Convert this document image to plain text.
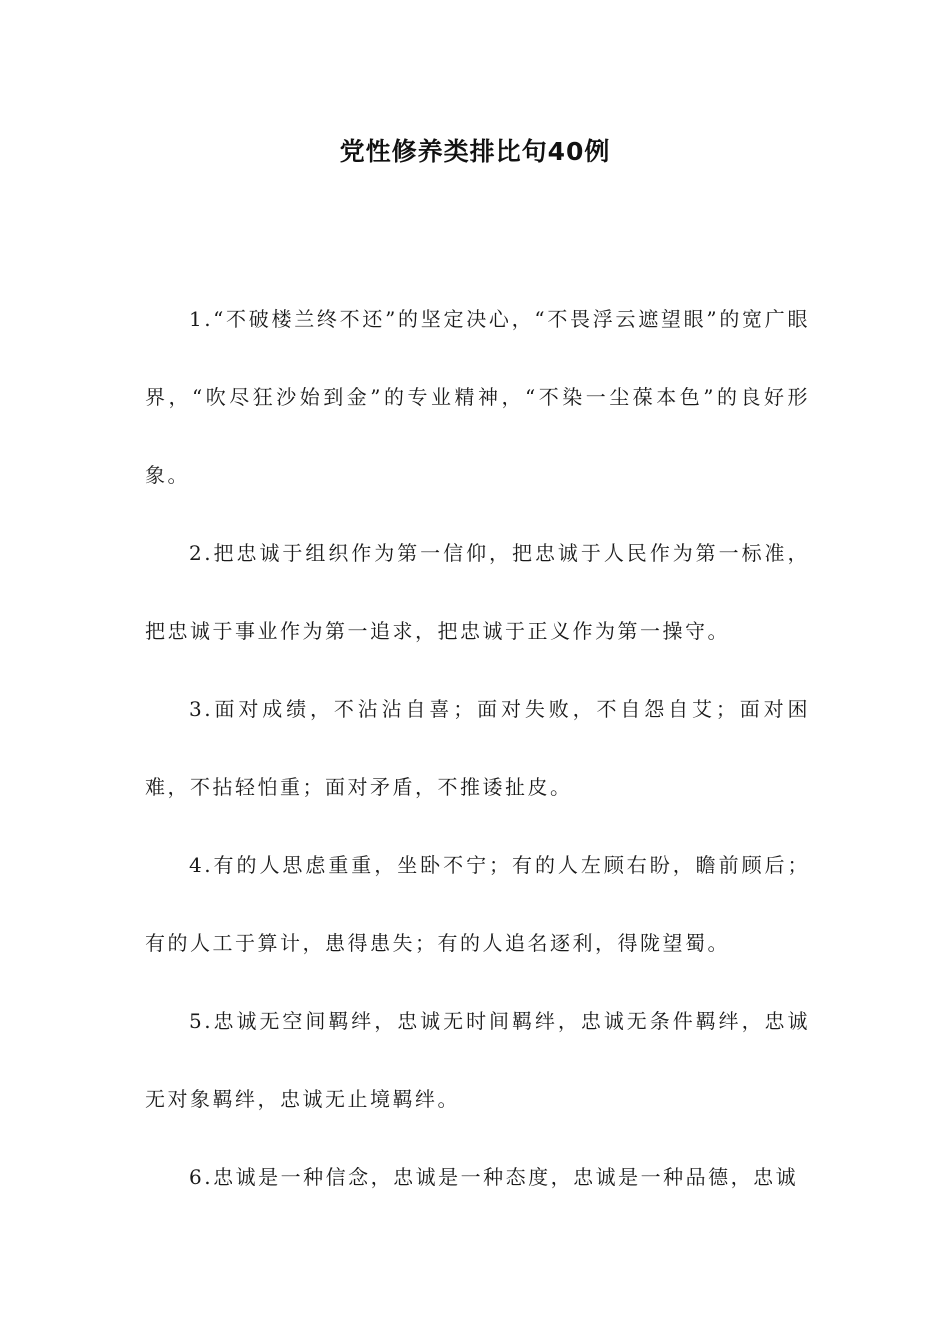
党性修养类排比句40例

1.“不破楼兰终不还”的坚定决心，“不畏浮云遮望眼”的宽广眼界，“吹尽狂沙始到金”的专业精神，“不染一尘葆本色”的良好形象。

2.把忠诚于组织作为第一信仰，把忠诚于人民作为第一标准，把忠诚于事业作为第一追求，把忠诚于正义作为第一操守。

3.面对成绩，不沾沾自喜；面对失败，不自怨自艾；面对困难，不拈轻怕重；面对矛盾，不推诿扯皮。

4.有的人思虑重重，坐卧不宁；有的人左顾右盼，瞻前顾后；有的人工于算计，患得患失；有的人追名逐利，得陇望蜀。

5.忠诚无空间羁绊，忠诚无时间羁绊，忠诚无条件羁绊，忠诚无对象羁绊，忠诚无止境羁绊。

6.忠诚是一种信念，忠诚是一种态度，忠诚是一种品德，忠诚
